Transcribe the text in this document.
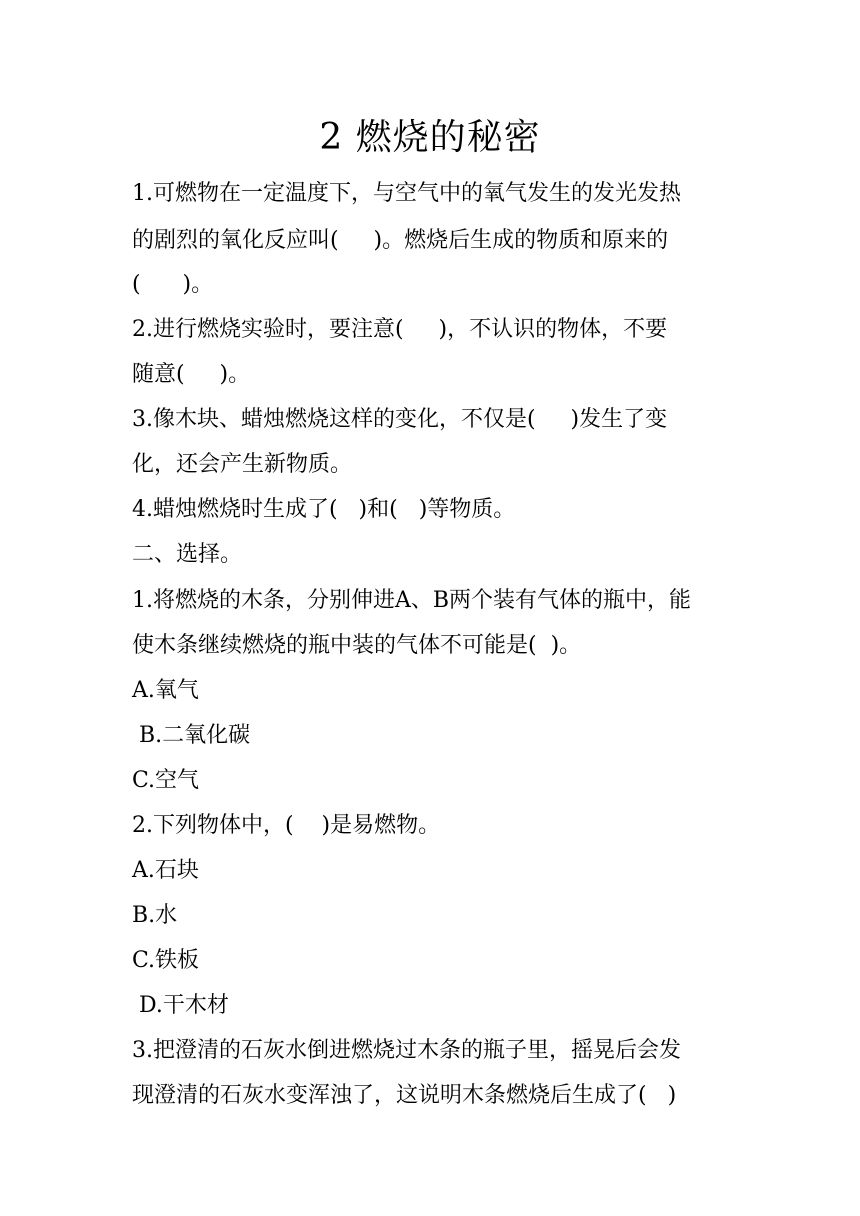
2 燃烧的秘密
1.可燃物在一定温度下，与空气中的氧气发生的发光发热
的剧烈的氧化反应叫(     )。燃烧后生成的物质和原来的
(      )。
2.进行燃烧实验时，要注意(     )，不认识的物体，不要
随意(     )。
3.像木块、蜡烛燃烧这样的变化，不仅是(     )发生了变
化，还会产生新物质。
4.蜡烛燃烧时生成了(   )和(   )等物质。
二、选择。
1.将燃烧的木条，分别伸进A、B两个装有气体的瓶中，能
使木条继续燃烧的瓶中装的气体不可能是(  )。
A.氧气
B.二氧化碳
C.空气
2.下列物体中，(    )是易燃物。
A.石块
B.水
C.铁板
D.干木材
3.把澄清的石灰水倒进燃烧过木条的瓶子里，摇晃后会发
现澄清的石灰水变浑浊了，这说明木条燃烧后生成了(   )
